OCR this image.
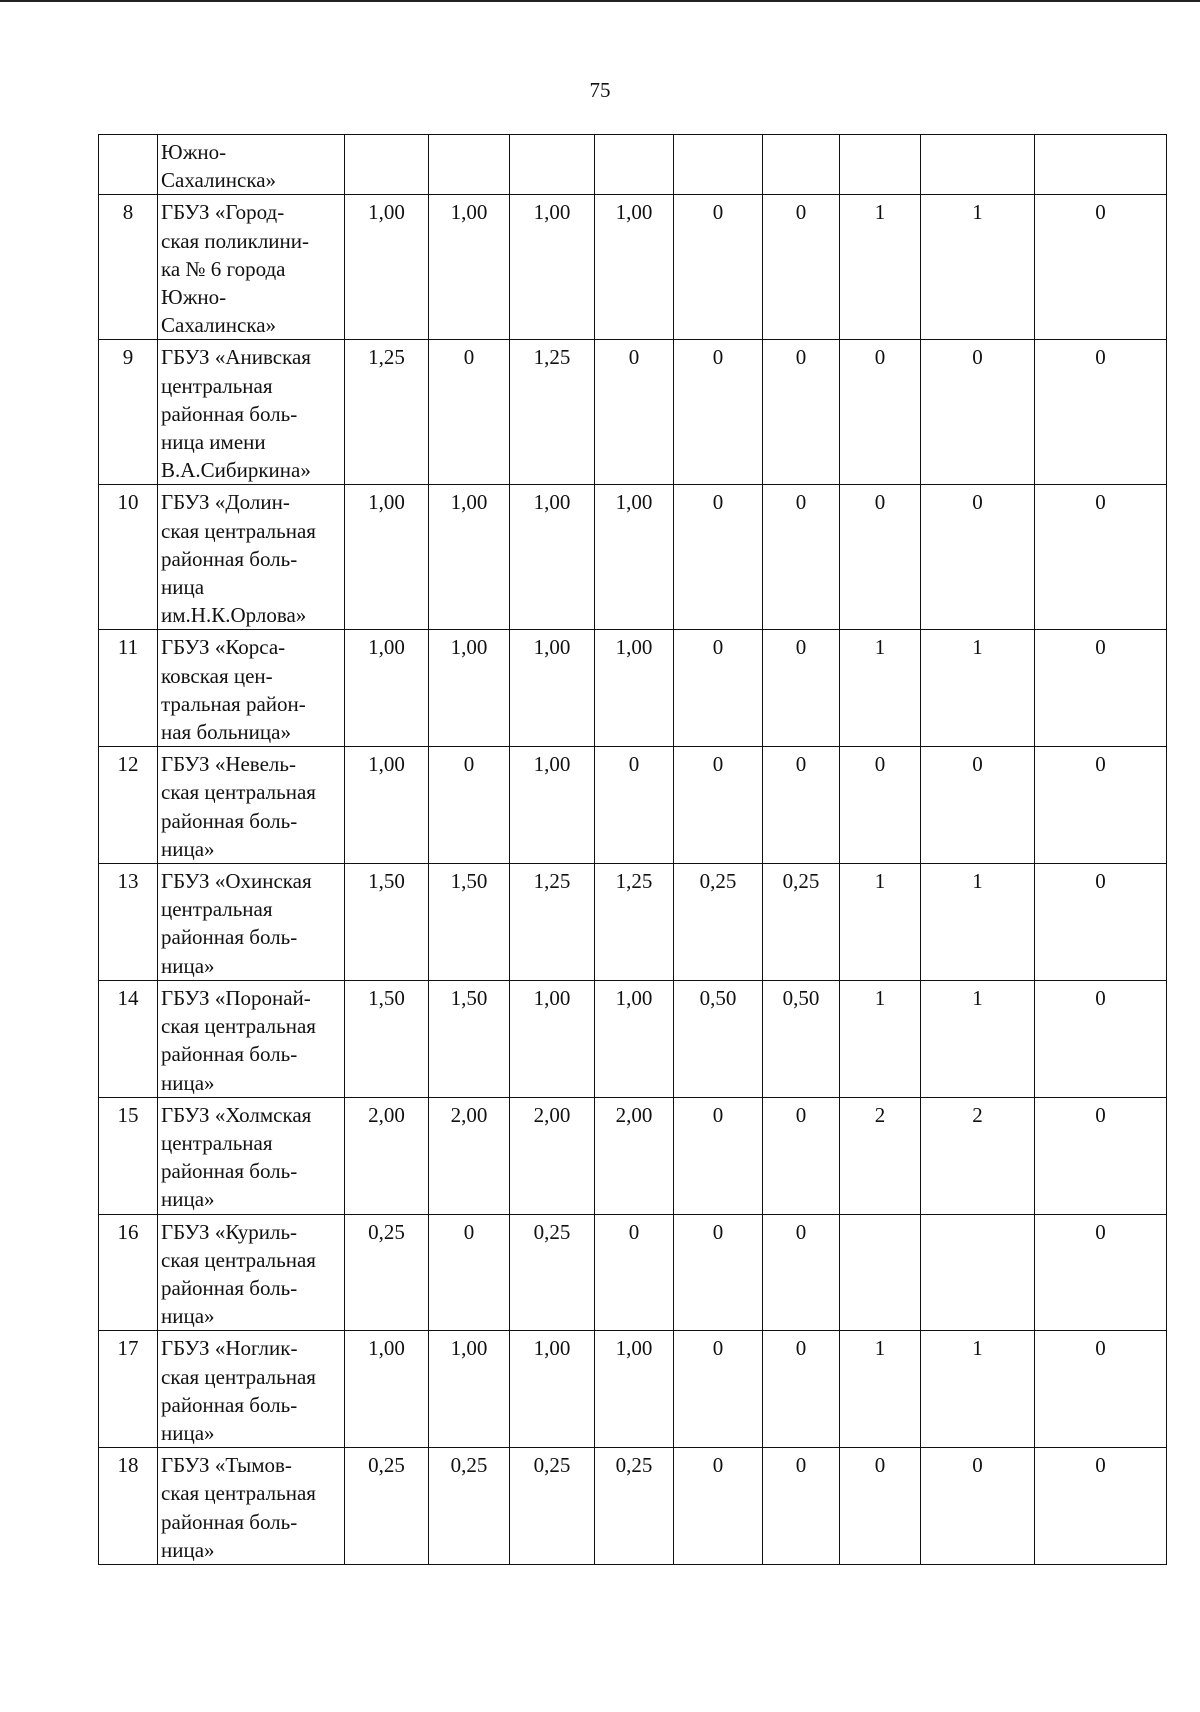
75

	Южно-
Сахалинска»									

8	ГБУЗ «Город-
ская поликлини-
ка № 6 города
Южно-
Сахалинска»	1,00	1,00	1,00	1,00	0	0	1	1	0
9	ГБУЗ «Анивская
центральная
районная боль-
ница имени
В.А.Сибиркина»	1,25	0	1,25	0	0	0	0	0	0
10	ГБУЗ «Долин-
ская центральная
районная боль-
ница
им.Н.К.Орлова»	1,00	1,00	1,00	1,00	0	0	0	0	0
11	ГБУЗ «Корса-
ковская цен-
тральная район-
ная больница»	1,00	1,00	1,00	1,00	0	0	1	1	0
12	ГБУЗ «Невель-
ская центральная
районная боль-
ница»	1,00	0	1,00	0	0	0	0	0	0
13	ГБУЗ «Охинская
центральная
районная боль-
ница»	1,50	1,50	1,25	1,25	0,25	0,25	1	1	0
14	ГБУЗ «Поронай-
ская центральная
районная боль-
ница»	1,50	1,50	1,00	1,00	0,50	0,50	1	1	0
15	ГБУЗ «Холмская
центральная
районная боль-
ница»	2,00	2,00	2,00	2,00	0	0	2	2	0
16	ГБУЗ «Куриль-
ская центральная
районная боль-
ница»	0,25	0	0,25	0	0	0			0
17	ГБУЗ «Ноглик-
ская центральная
районная боль-
ница»	1,00	1,00	1,00	1,00	0	0	1	1	0
18	ГБУЗ «Тымов-
ская центральная
районная боль-
ница»	0,25	0,25	0,25	0,25	0	0	0	0	0
